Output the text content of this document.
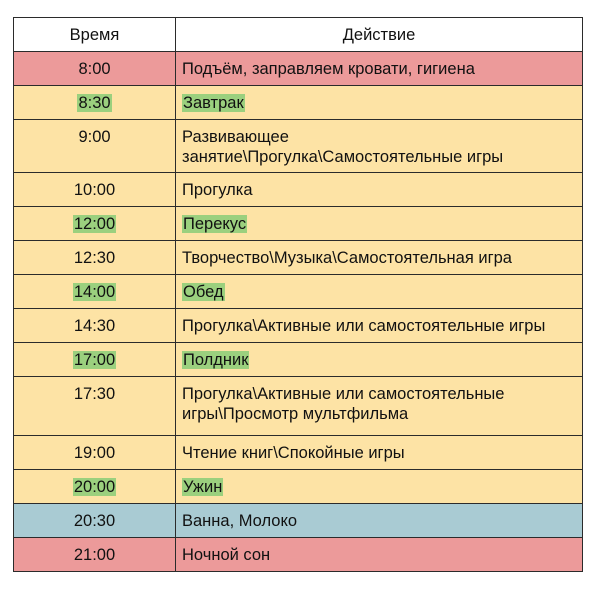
Время	Действие
8:00	Подъём, заправляем кровати, гигиена
8:30	Завтрак
9:00	Развивающее
занятие\Прогулка\Самостоятельные игры

10:00	Прогулка
12:00	Перекус
12:30	Творчество\Музыка\Самостоятельная игра
14:00	Обед
14:30	Прогулка\Активные или самостоятельные игры
17:00	Полдник
17:30	Прогулка\Активные или самостоятельные
игры\Просмотр мультфильма

19:00	Чтение книг\Спокойные игры
20:00	Ужин
20:30	Ванна, Молоко
21:00	Ночной сон
